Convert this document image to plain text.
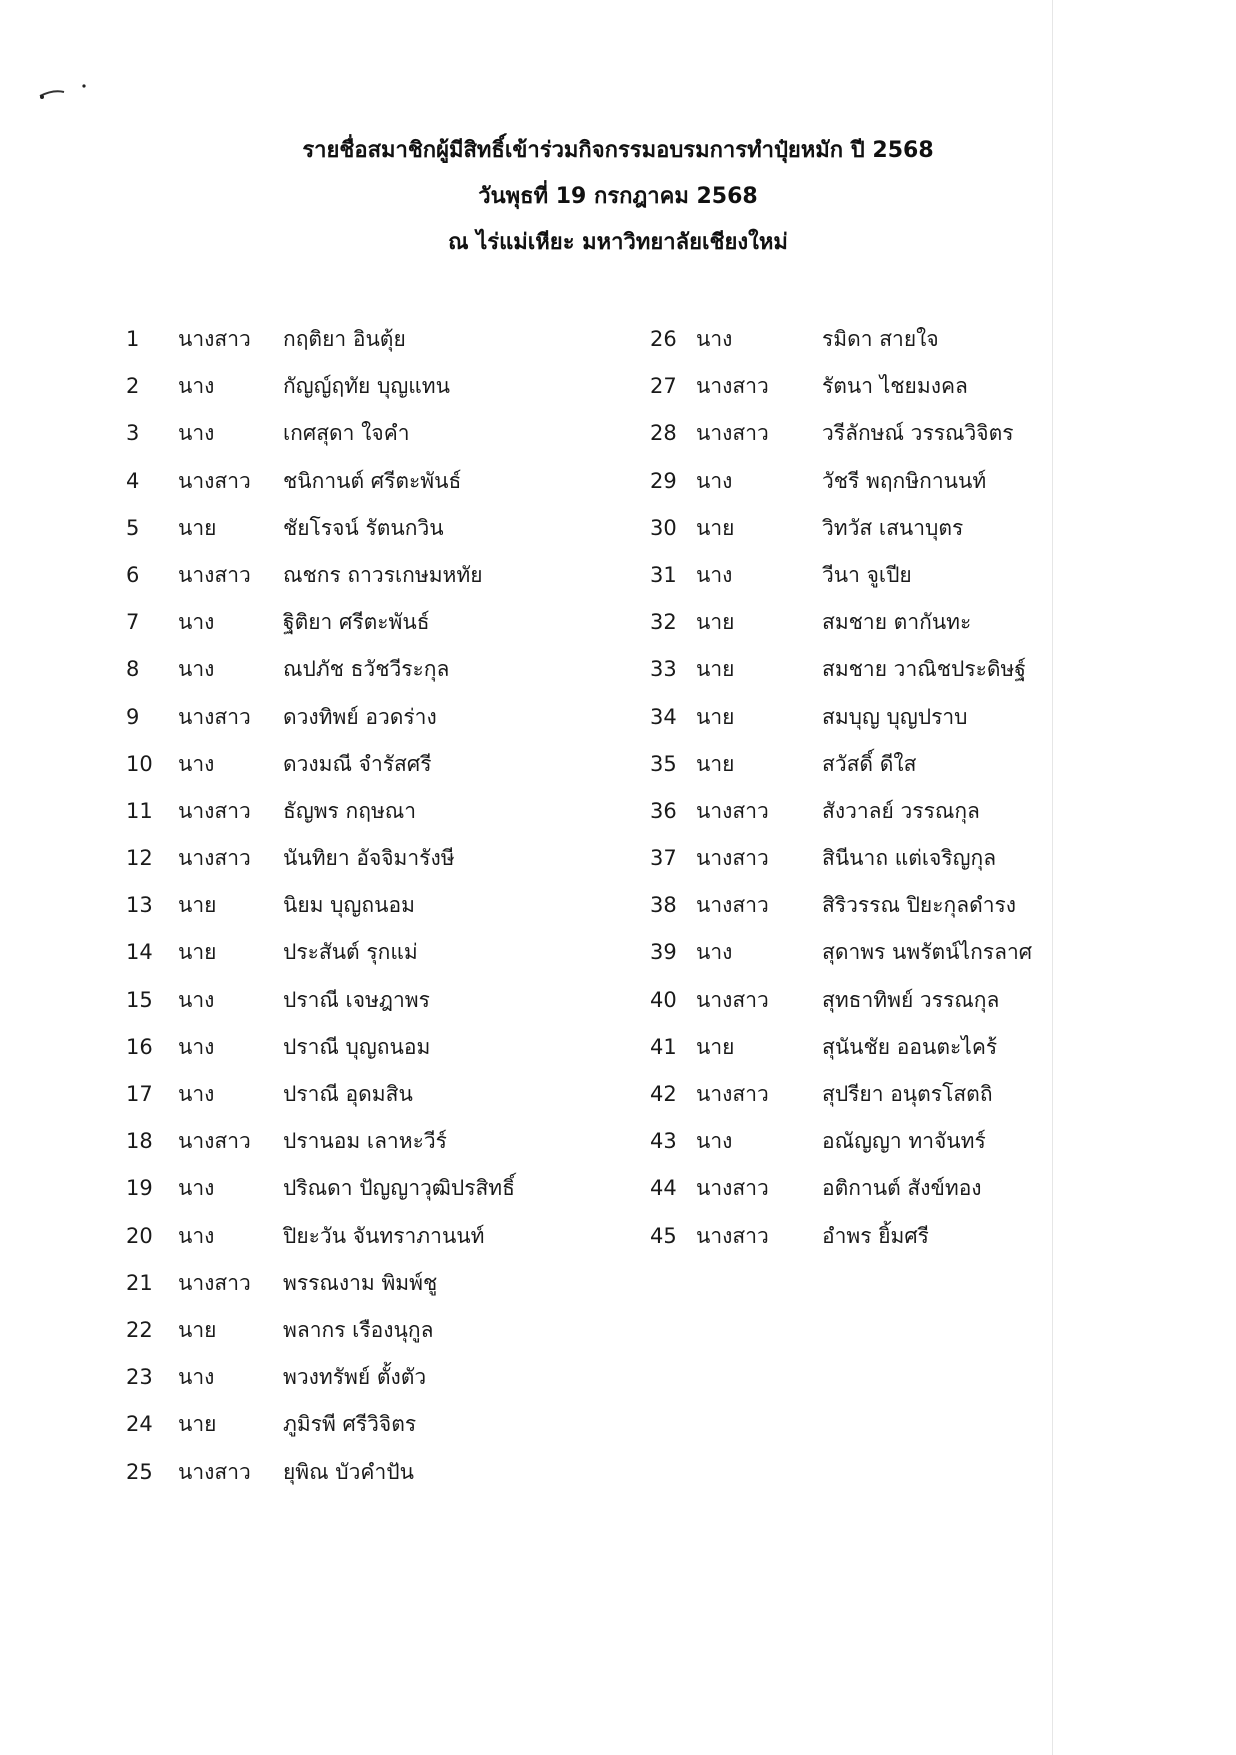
รายชื่อสมาชิกผู้มีสิทธิ์เข้าร่วมกิจกรรมอบรมการทำปุ๋ยหมัก ปี 2568
วันพุธที่ 19 กรกฎาคม 2568
ณ ไร่แม่เหียะ มหาวิทยาลัยเชียงใหม่
1 นางสาว กฤติยา อินตุ้ย
2 นาง	กัญญ์ฤทัย บุญแทน
3 นาง	เกศสุดา ใจคำ
4 นางสาว ชนิกานต์ ศรีตะพันธ์
5 นาย	ชัยโรจน์ รัตนกวิน
6 นางสาว ณชกร ถาวรเกษมหทัย
7 นาง	ฐิติยา ศรีตะพันธ์
8 นาง	ณปภัช ธวัชวีระกุล
9 นางสาว ดวงทิพย์ อวดร่าง
10 นาง	ดวงมณี จำรัสศรี
11 นางสาว ธัญพร กฤษณา
12 นางสาว นันทิยา อัจจิมารังษี
13 นาย	นิยม บุญถนอม
14 นาย	ประสันต์ รุกแม่
15 นาง	ปราณี เจษฎาพร
16 นาง	ปราณี บุญถนอม
17 นาง	ปราณี อุดมสิน
18 นางสาว ปรานอม เลาหะวีร์
19 นาง	ปริณดา ปัญญาวุฒิปรสิทธิ์
20 นาง	ปิยะวัน จันทราภานนท์
21 นางสาว พรรณงาม พิมพ์ชู
22 นาย	พลากร เรืองนุกูล
23 นาง	พวงทรัพย์ ตั้งตัว
24 นาย	ภูมิรพี ศรีวิจิตร
25 นางสาว ยุพิณ บัวคำปัน
26 นาง	รมิดา สายใจ
27 นางสาว	รัตนา ไชยมงคล
28 นางสาว	วรีลักษณ์ วรรณวิจิตร
29 นาง	วัชรี พฤกษิกานนท์
30 นาย	วิทวัส เสนาบุตร
31 นาง	วีนา จูเปีย
32 นาย	สมชาย ตากันทะ
33 นาย	สมชาย วาณิชประดิษฐ์
34 นาย	สมบุญ บุญปราบ
35 นาย	สวัสดิ์ ดีใส
36 นางสาว	สังวาลย์ วรรณกุล
37 นางสาว	สินีนาถ แต่เจริญกุล
38 นางสาว	สิริวรรณ ปิยะกุลดำรง
39 นาง	สุดาพร นพรัตน์ไกรลาศ
40 นางสาว	สุทธาทิพย์ วรรณกุล
41 นาย	สุนันชัย ออนตะไคร้
42 นางสาว	สุปรียา อนุตรโสตถิ
43 นาง	อณัญญา ทาจันทร์
44 นางสาว	อติกานต์ สังข์ทอง
45 นางสาว	อำพร ยิ้มศรี
